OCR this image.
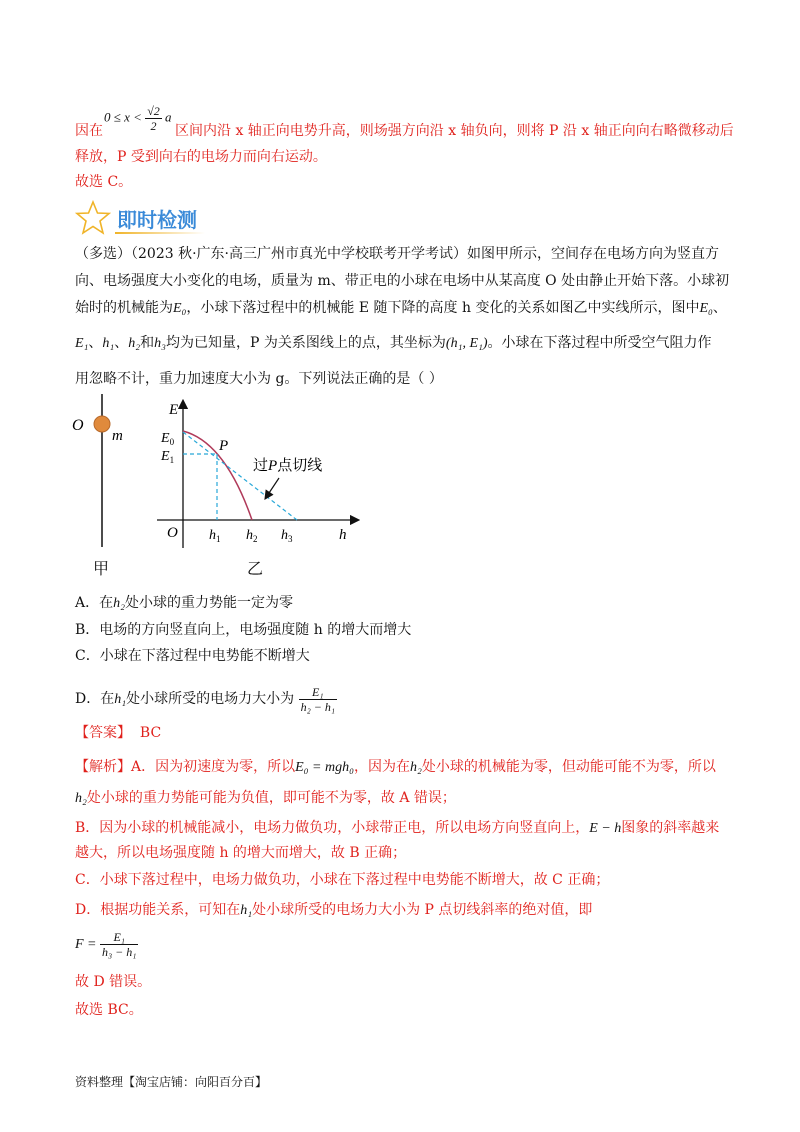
$0 \le x < \frac{√2}{2}$ a
因在	区间内沿 x 轴正向电势升高，则场强方向沿 x 轴负向，则将 P 沿 x 轴正向向右略微移动后
释放，P 受到向右的电场力而向右运动。
故选 C。
即时检测
（多选）（2023 秋·广东·高三广州市真光中学校联考开学考试）如图甲所示，空间存在电场方向为竖直方
向、电场强度大小变化的电场，质量为 m、带正电的小球在电场中从某高度 O 处由静止开始下落。小球初
始时的机械能为E₀，小球下落过程中的机械能 E 随下降的高度 h 变化的关系如图乙中实线所示，图中E₀、
E₁、h₁、h₂和h₃均为已知量，P 为关系图线上的点，其坐标为(h₁, E₁)。小球在下落过程中所受空气阻力作
用忽略不计，重力加速度大小为 g。下列说法正确的是（ ）
O
m
甲
E
h
O
$E_0$
$E_1$
P
$h_1$ $h_2$ $h_3$
过P点切线
乙
A．在h₂处小球的重力势能一定为零
B．电场的方向竖直向上，电场强度随 h 的增大而增大
C．小球在下落过程中电势能不断增大
D．在h₁处小球所受的电场力大小为 $\frac{\text{E₁}}{\text{h₂ − h₁}}$
【答案】 BC
【解析】A．因为初速度为零，所以E₀ = mgh₀，因为在h₂处小球的机械能为零，但动能可能不为零，所以
h₂处小球的重力势能可能为负值，即可能不为零，故 A 错误；
B．因为小球的机械能减小，电场力做负功，小球带正电，所以电场方向竖直向上，E − h图象的斜率越来
越大，所以电场强度随 h 的增大而增大，故 B 正确；
C．小球下落过程中，电场力做负功，小球在下落过程中电势能不断增大，故 C 正确；
D．根据功能关系，可知在h₁处小球所受的电场力大小为 P 点切线斜率的绝对值，即
$F = \frac{\text{E₁}}{\text{h₃ − h₁}}$
故 D 错误。
故选 BC。
资料整理【淘宝店铺：向阳百分百】
